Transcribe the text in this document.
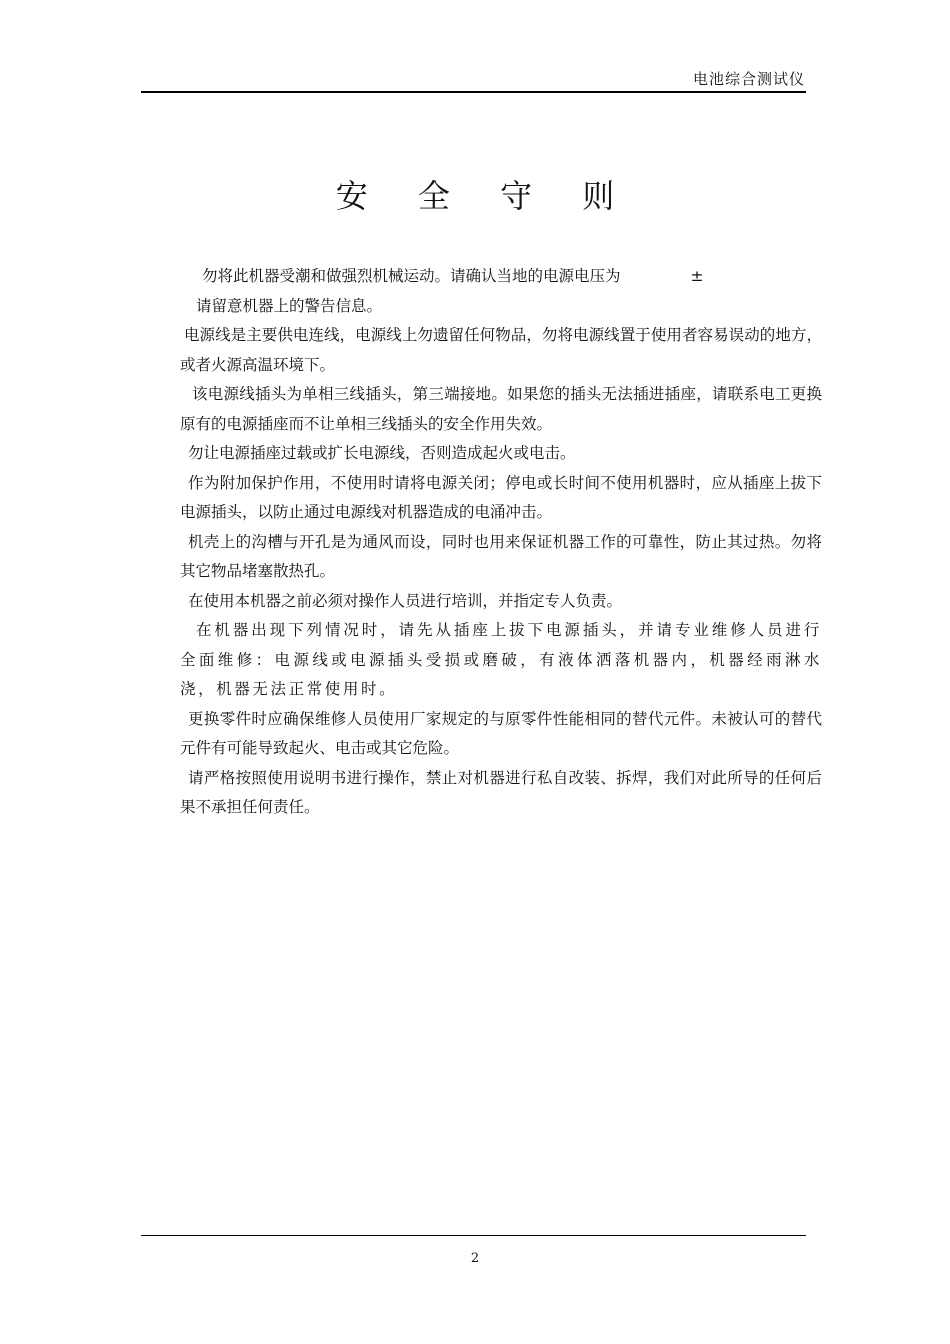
电池综合测试仪
安 全 守 则

勿将此机器受潮和做强烈机械运动。请确认当地的电源电压为	±

请留意机器上的警告信息。

电源线是主要供电连线，电源线上勿遗留任何物品，勿将电源线置于使用者容易误动的地方，或者火源高温环境下。

该电源线插头为单相三线插头，第三端接地。如果您的插头无法插进插座，请联系电工更换原有的电源插座而不让单相三线插头的安全作用失效。

勿让电源插座过载或扩长电源线，否则造成起火或电击。

作为附加保护作用，不使用时请将电源关闭；停电或长时间不使用机器时，应从插座上拔下电源插头，以防止通过电源线对机器造成的电涌冲击。

机壳上的沟槽与开孔是为通风而设，同时也用来保证机器工作的可靠性，防止其过热。勿将其它物品堵塞散热孔。

在使用本机器之前必须对操作人员进行培训，并指定专人负责。

在机器出现下列情况时，请先从插座上拔下电源插头，并请专业维修人员进行全面维修：电源线或电源插头受损或磨破，有液体洒落机器内，机器经雨淋水浇，机器无法正常使用时。

更换零件时应确保维修人员使用厂家规定的与原零件性能相同的替代元件。未被认可的替代元件有可能导致起火、电击或其它危险。

请严格按照使用说明书进行操作，禁止对机器进行私自改装、拆焊，我们对此所导的任何后果不承担任何责任。

2
